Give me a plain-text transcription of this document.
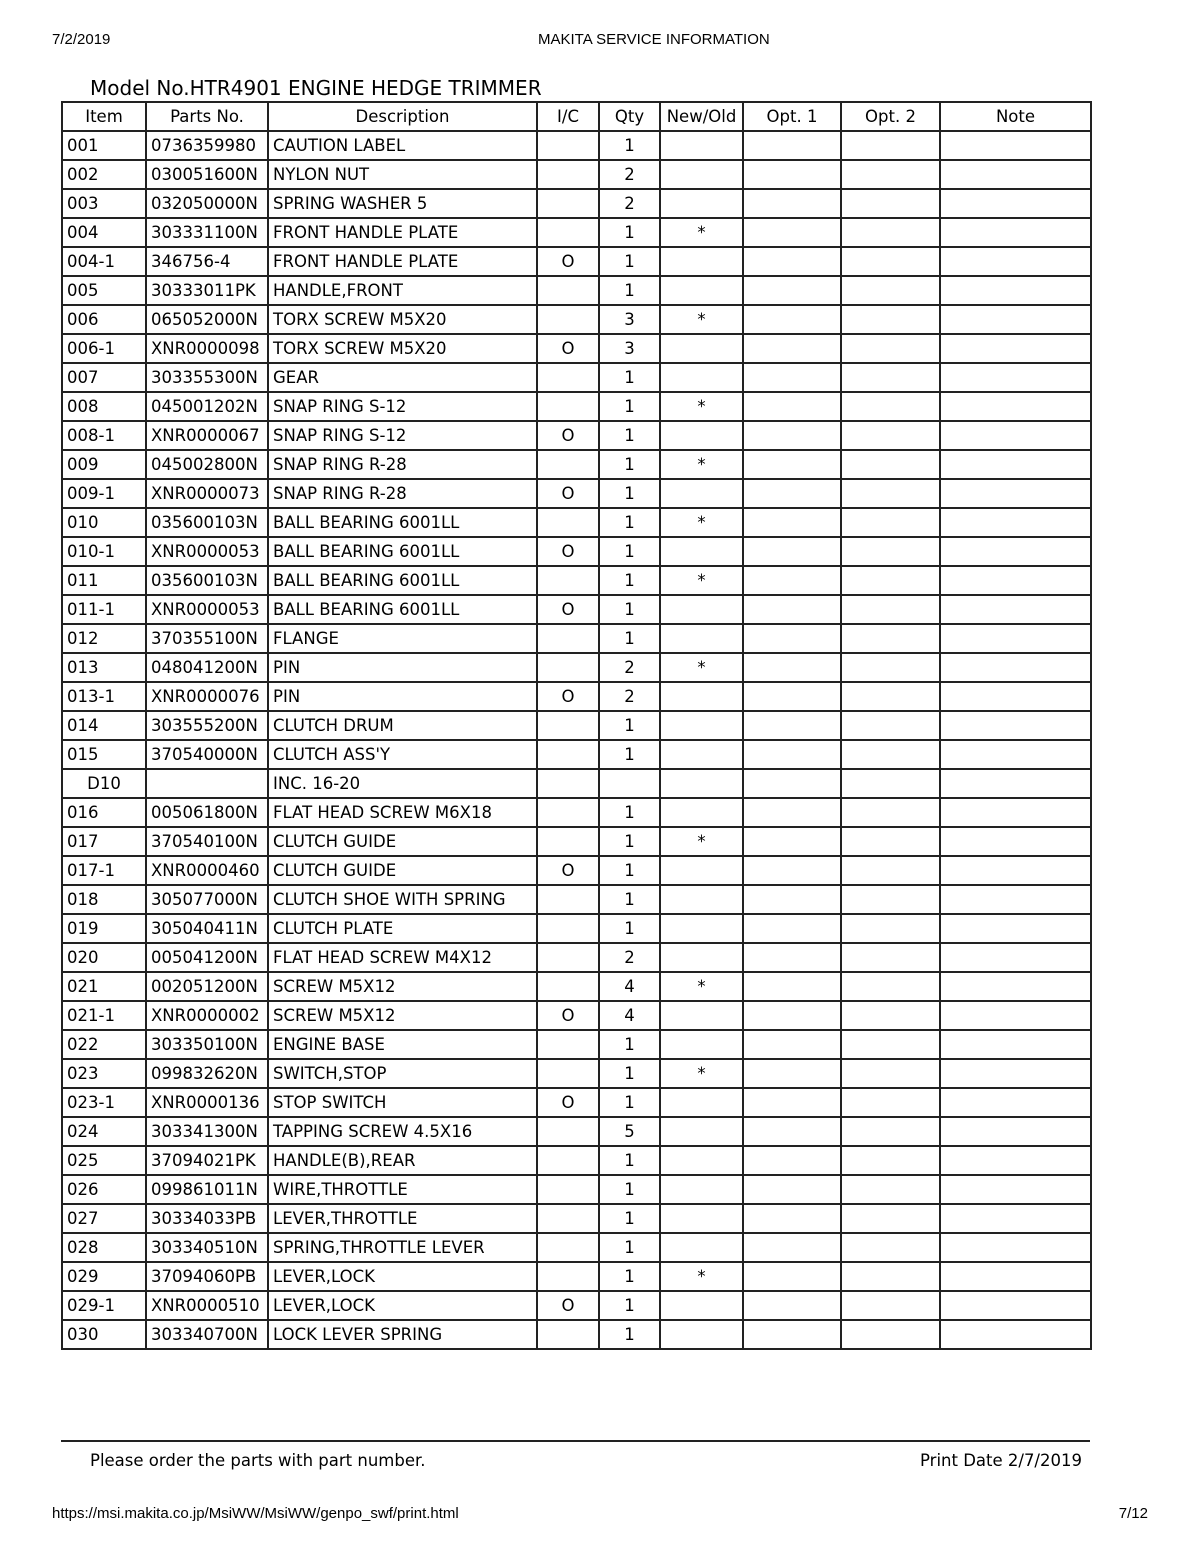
7/2/2019	MAKITA SERVICE INFORMATION
Model No.HTR4901 ENGINE HEDGE TRIMMER
Item	Parts No.	Description	I/C	Qty	New/Old	Opt. 1	Opt. 2	Note
001	0736359980	CAUTION LABEL		1				
002	030051600N	NYLON NUT		2				
003	032050000N	SPRING WASHER 5		2				
004	303331100N	FRONT HANDLE PLATE		1	*			
004-1	346756-4	FRONT HANDLE PLATE	O	1				
005	30333011PK	HANDLE,FRONT		1				
006	065052000N	TORX SCREW M5X20		3	*			
006-1	XNR0000098	TORX SCREW M5X20	O	3				
007	303355300N	GEAR		1				
008	045001202N	SNAP RING S-12		1	*			
008-1	XNR0000067	SNAP RING S-12	O	1				
009	045002800N	SNAP RING R-28		1	*			
009-1	XNR0000073	SNAP RING R-28	O	1				
010	035600103N	BALL BEARING 6001LL		1	*			
010-1	XNR0000053	BALL BEARING 6001LL	O	1				
011	035600103N	BALL BEARING 6001LL		1	*			
011-1	XNR0000053	BALL BEARING 6001LL	O	1				
012	370355100N	FLANGE		1				
013	048041200N	PIN		2	*			
013-1	XNR0000076	PIN	O	2				
014	303555200N	CLUTCH DRUM		1				
015	370540000N	CLUTCH ASS'Y		1				
D10		INC. 16-20						
016	005061800N	FLAT HEAD SCREW M6X18		1				
017	370540100N	CLUTCH GUIDE		1	*			
017-1	XNR0000460	CLUTCH GUIDE	O	1				
018	305077000N	CLUTCH SHOE WITH SPRING		1				
019	305040411N	CLUTCH PLATE		1				
020	005041200N	FLAT HEAD SCREW M4X12		2				
021	002051200N	SCREW M5X12		4	*			
021-1	XNR0000002	SCREW M5X12	O	4				
022	303350100N	ENGINE BASE		1				
023	099832620N	SWITCH,STOP		1	*			
023-1	XNR0000136	STOP SWITCH	O	1				
024	303341300N	TAPPING SCREW 4.5X16		5				
025	37094021PK	HANDLE(B),REAR		1				
026	099861011N	WIRE,THROTTLE		1				
027	30334033PB	LEVER,THROTTLE		1				
028	303340510N	SPRING,THROTTLE LEVER		1				
029	37094060PB	LEVER,LOCK		1	*			
029-1	XNR0000510	LEVER,LOCK	O	1				
030	303340700N	LOCK LEVER SPRING		1				
Please order the parts with part number.	Print Date 2/7/2019
https://msi.makita.co.jp/MsiWW/MsiWW/genpo_swf/print.html	7/12
